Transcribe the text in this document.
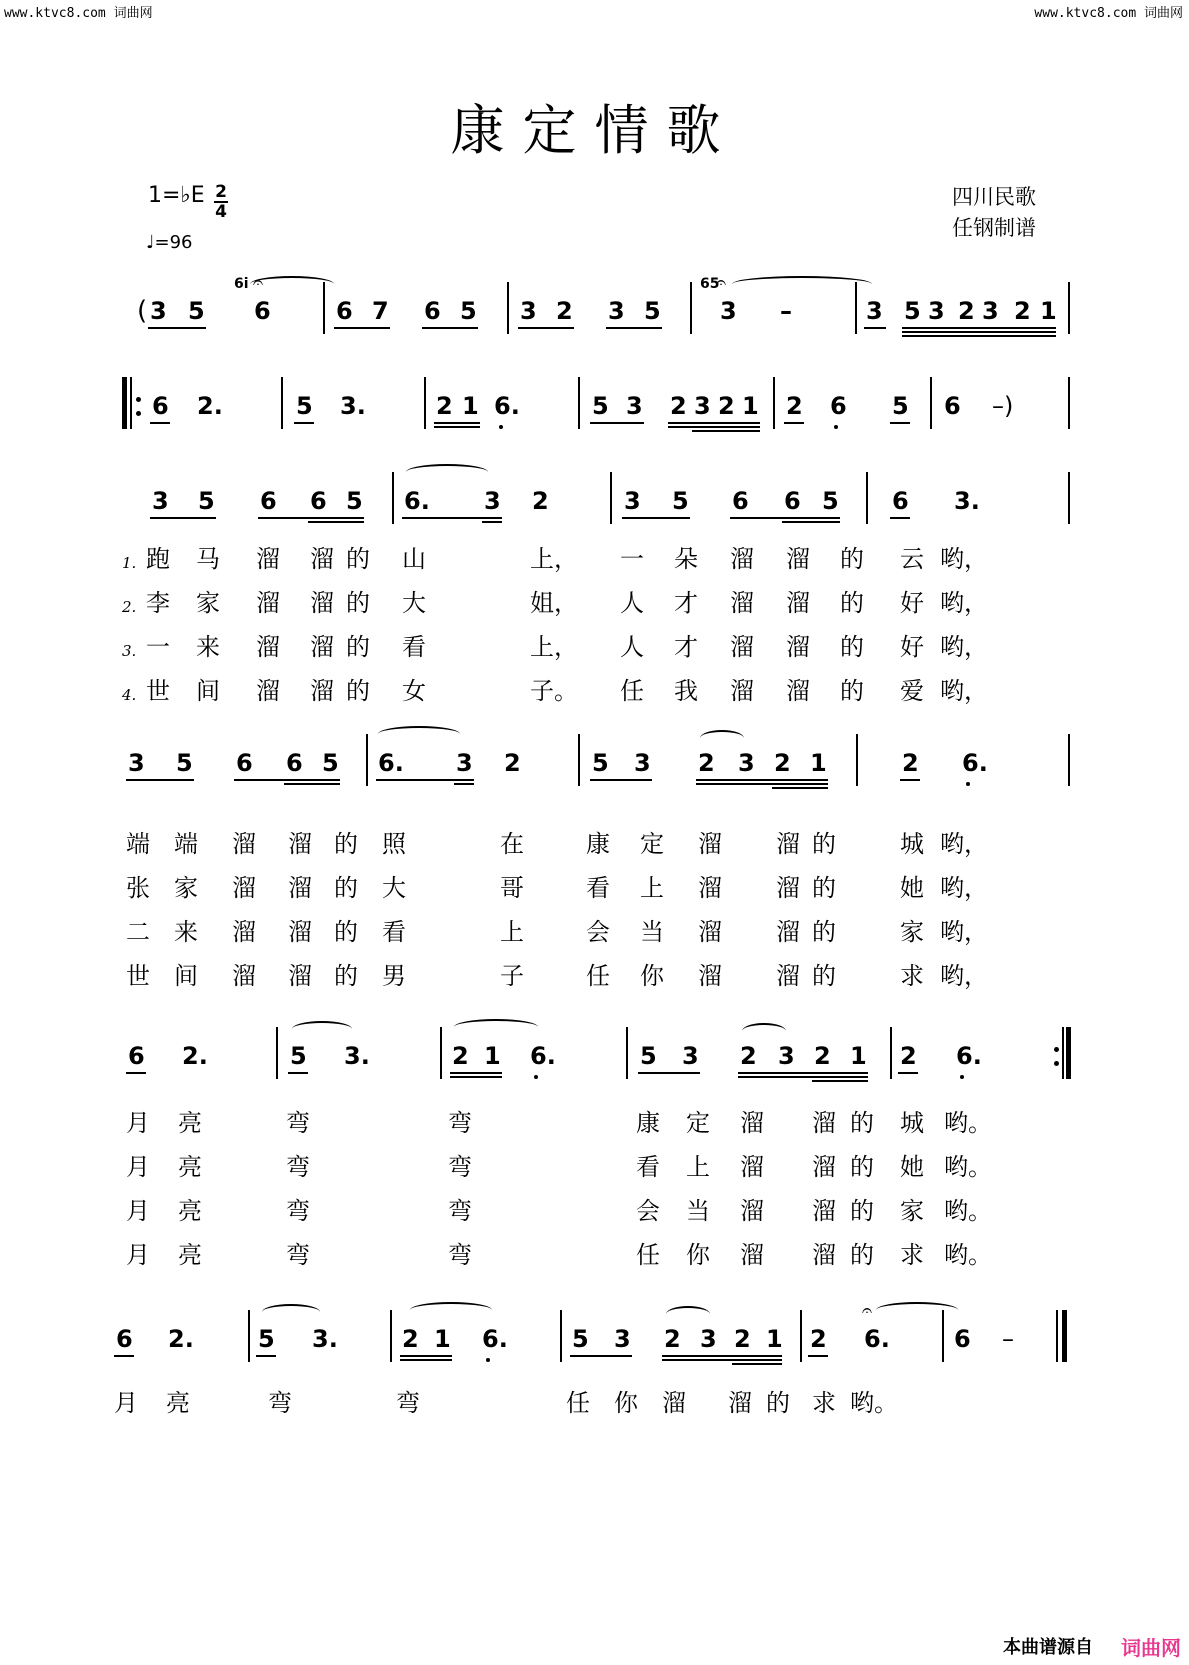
www.ktvc8.com 词曲网	www.ktvc8.com 词曲网
康定情歌
1=♭E 2
4
♩=96
四川民歌
任钢制谱
( 3 5
6i 𝄐
6	6 7 6 5 3 2 3 5
65
𝄐
3 –	3 5 3 2 3 2 1
6 2.	5 3.	2 1 6.	5 3 2 3 2 1 2 6 5 6 –)
3 5 6 6 5 6. 3 2	3 5 6 6 5 6 3.
跑 马 溜 溜 的 山	上， 一 朵 溜 溜 的 云 哟，
李 家 溜 溜 的 大	姐， 人 才 溜 溜 的 好 哟，
一 来 溜 溜 的 看	上， 人 才 溜 溜 的 好 哟，
世 间 溜 溜 的 女	子。 任 我 溜 溜 的 爱 哟，
3 5 6 6 5 6. 3 2	5 3 2 3 2 1	2 6.
端 端 溜 溜 的 照	在	康 定 溜 溜 的	城 哟，
张 家 溜 溜 的 大	哥	看 上 溜 溜 的	她 哟，
二 来 溜 溜 的 看	上	会 当 溜 溜 的	家 哟，
世 间 溜 溜 的 男	子	任 你 溜 溜 的	求 哟，
6 2.	5 3.	2 1 6.	5 3 2 3 2 1 2 6.
月 亮	弯	弯	康 定 溜 溜 的 城 哟。
月 亮	弯	弯	看 上 溜 溜 的 她 哟。
月 亮	弯	弯	会 当 溜 溜 的 家 哟。
月 亮	弯	弯	任 你 溜 溜 的 求 哟。
6 2.	5 3.	2 1 6.	5 3 2 3 2 1 2
𝄐
6.	6 –
月 亮	弯	弯	任 你 溜 溜 的 求 哟。
本曲谱源自 词曲网
1.
2.
3.
4.
